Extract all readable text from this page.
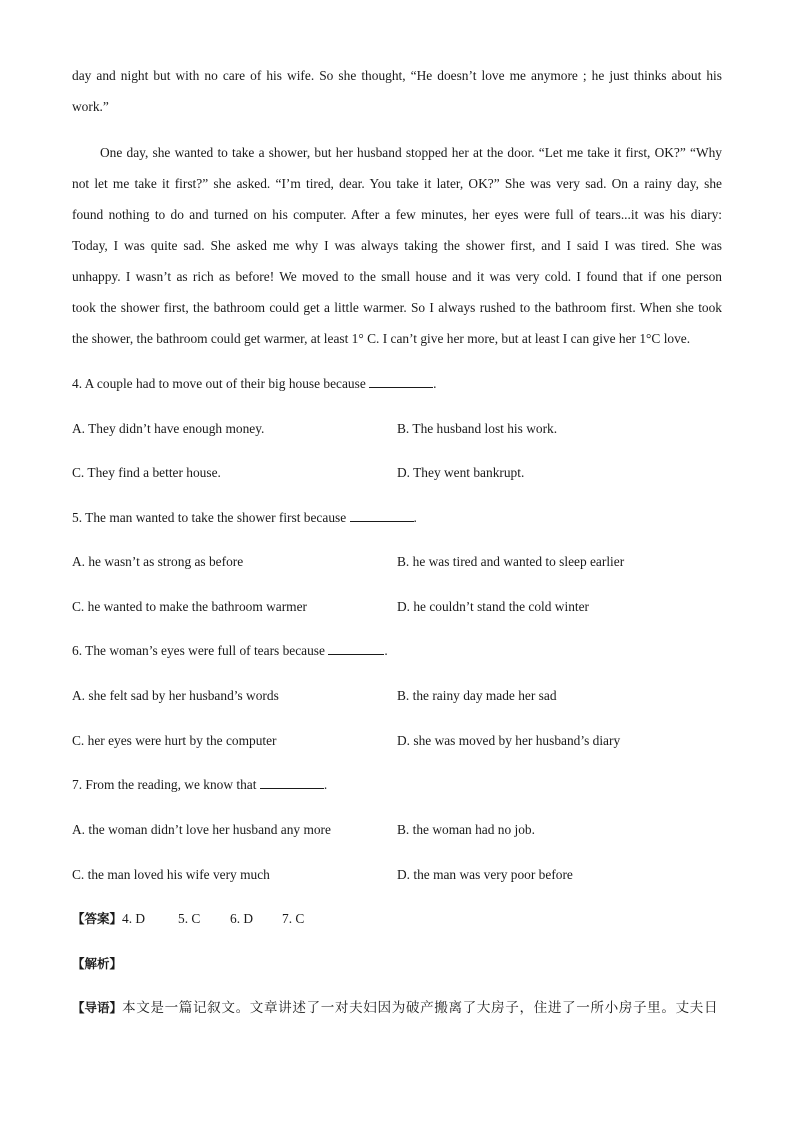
day and night but with no care of his wife. So she thought, “He doesn’t love me anymore ; he just thinks about his
work.”
One day, she wanted to take a shower, but her husband stopped her at the door. “Let me take it first, OK?” “Why
not let me take it first?” she asked. “I’m tired, dear. You take it later, OK?” She was very sad. On a rainy day, she
found nothing to do and turned on his computer. After a few minutes, her eyes were full of tears...it was his diary:
Today, I was quite sad. She asked me why I was always taking the shower first, and I said I was tired. She was
unhappy. I wasn’t as rich as before! We moved to the small house and it was very cold. I found that if one person
took the shower first, the bathroom could get a little warmer. So I always rushed to the bathroom first. When she took
the shower, the bathroom could get warmer, at least 1° C. I can’t give her more, but at least I can give her 1°C love.
4. A couple had to move out of their big house because	.
A. They didn’t have enough money.	B. The husband lost his work.
C. They find a better house.	D. They went bankrupt.
5. The man wanted to take the shower first because	.
A. he wasn’t as strong as before	B. he was tired and wanted to sleep earlier
C. he wanted to make the bathroom warmer	D. he couldn’t stand the cold winter
6. The woman’s eyes were full of tears because	.
A. she felt sad by her husband’s words	B. the rainy day made her sad
C. her eyes were hurt by the computer	D. she was moved by her husband’s diary
7. From the reading, we know that	.
A. the woman didn’t love her husband any more	B. the woman had no job.
C. the man loved his wife very much	D. the man was very poor before
【答案】4. D 5. C 6. D 7. C
【解析】
【导语】本文是一篇记叙文。文章讲述了一对夫妇因为破产搬离了大房子，住进了一所小房子里。丈夫日
